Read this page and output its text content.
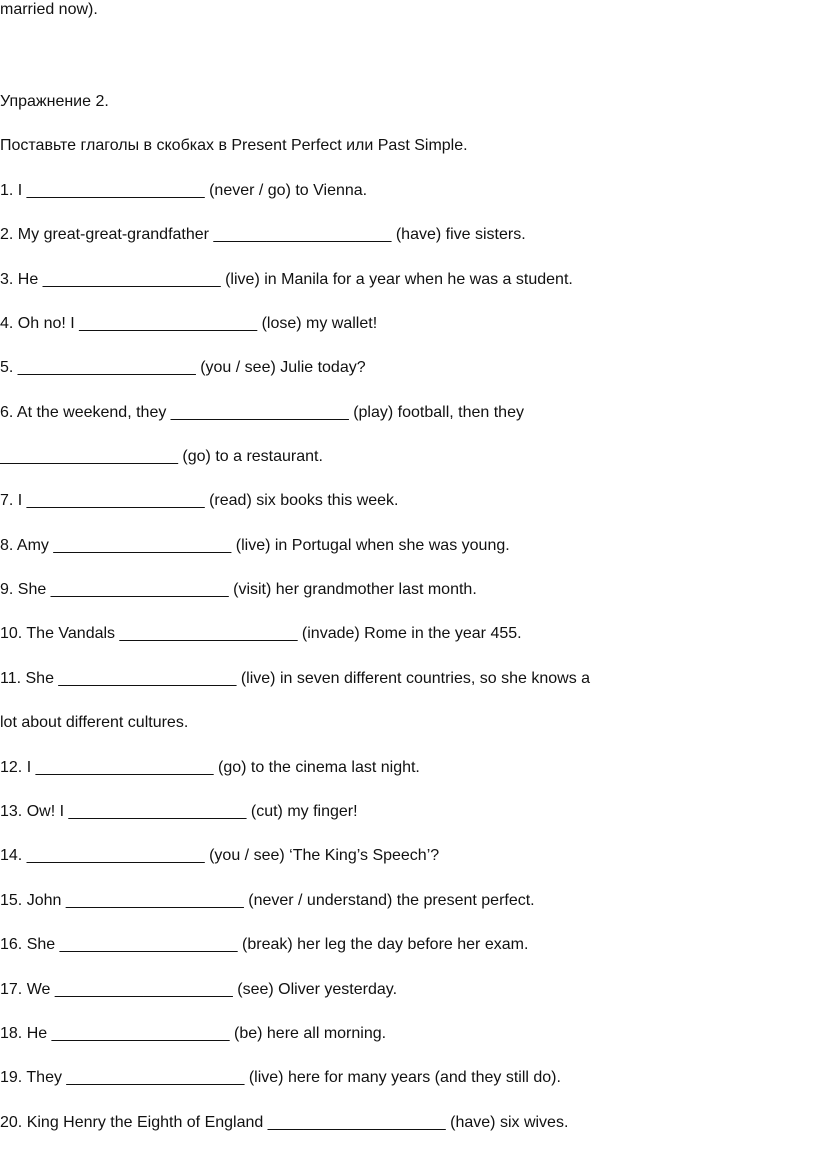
married now).
Упражнение 2.
Поставьте глаголы в скобках в Present Perfect или Past Simple.
1. I ____________________ (never / go) to Vienna.
2. My great-great-grandfather ____________________ (have) five sisters.
3. He ____________________ (live) in Manila for a year when he was a student.
4. Oh no! I ____________________ (lose) my wallet!
5. ____________________ (you / see) Julie today?
6. At the weekend, they ____________________ (play) football, then they
____________________ (go) to a restaurant.
7. I ____________________ (read) six books this week.
8. Amy ____________________ (live) in Portugal when she was young.
9. She ____________________ (visit) her grandmother last month.
10. The Vandals ____________________ (invade) Rome in the year 455.
11. She ____________________ (live) in seven different countries, so she knows a
lot about different cultures.
12. I ____________________ (go) to the cinema last night.
13. Ow! I ____________________ (cut) my finger!
14. ____________________ (you / see) ‘The King’s Speech’?
15. John ____________________ (never / understand) the present perfect.
16. She ____________________ (break) her leg the day before her exam.
17. We ____________________ (see) Oliver yesterday.
18. He ____________________ (be) here all morning.
19. They ____________________ (live) here for many years (and they still do).
20. King Henry the Eighth of England ____________________ (have) six wives.
